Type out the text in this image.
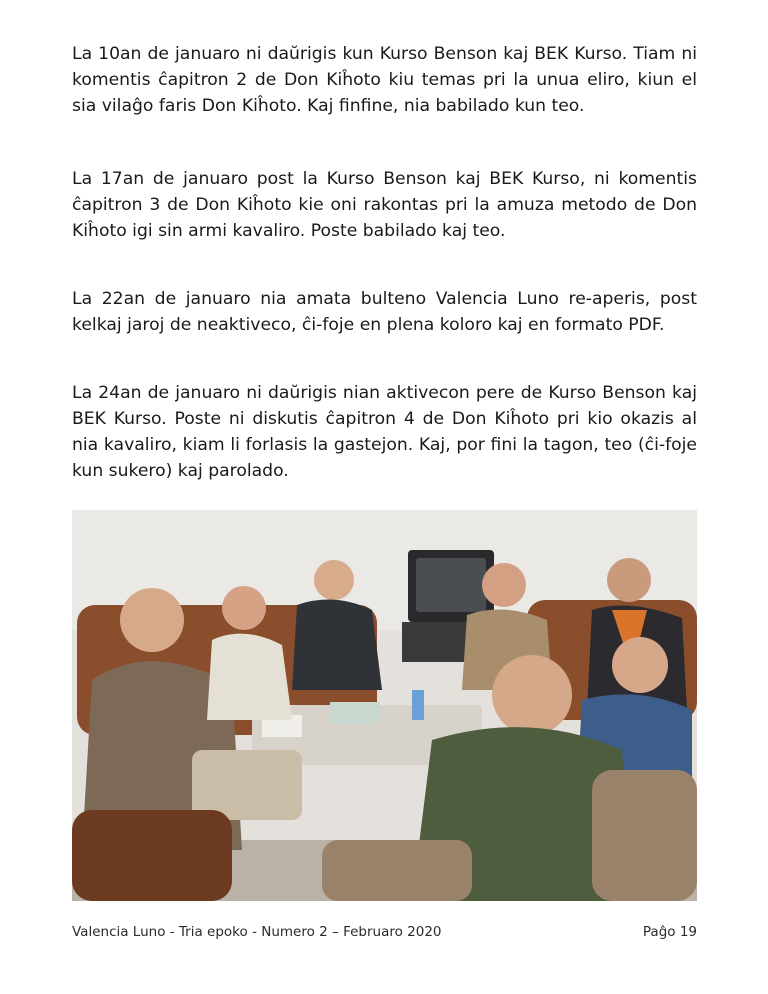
La 10an de januaro ni daŭrigis kun Kurso Benson kaj BEK Kurso. Tiam ni komentis ĉapitron 2 de Don Kiĥoto kiu temas pri la unua eliro, kiun el sia vilaĝo faris Don Kiĥoto. Kaj finfine, nia babilado kun teo.

La 17an de januaro post la Kurso Benson kaj BEK Kurso, ni komentis ĉapitron 3 de Don Kiĥoto kie oni rakontas pri la amuza metodo de Don Kiĥoto igi sin armi kavaliro. Poste babilado kaj teo.

La 22an de januaro nia amata bulteno Valencia Luno re-aperis, post kelkaj jaroj de neaktiveco, ĉi-foje en plena koloro kaj en formato PDF.

La 24an de januaro ni daŭrigis nian aktivecon pere de Kurso Benson kaj BEK Kurso. Poste ni diskutis ĉapitron 4 de Don Kiĥoto pri kio okazis al nia kavaliro, kiam li forlasis la gastejon. Kaj, por fini la tagon, teo (ĉi-foje kun sukero) kaj parolado.

Valencia Luno - Tria epoko - Numero 2 – Februaro 2020	Paĝo 19
